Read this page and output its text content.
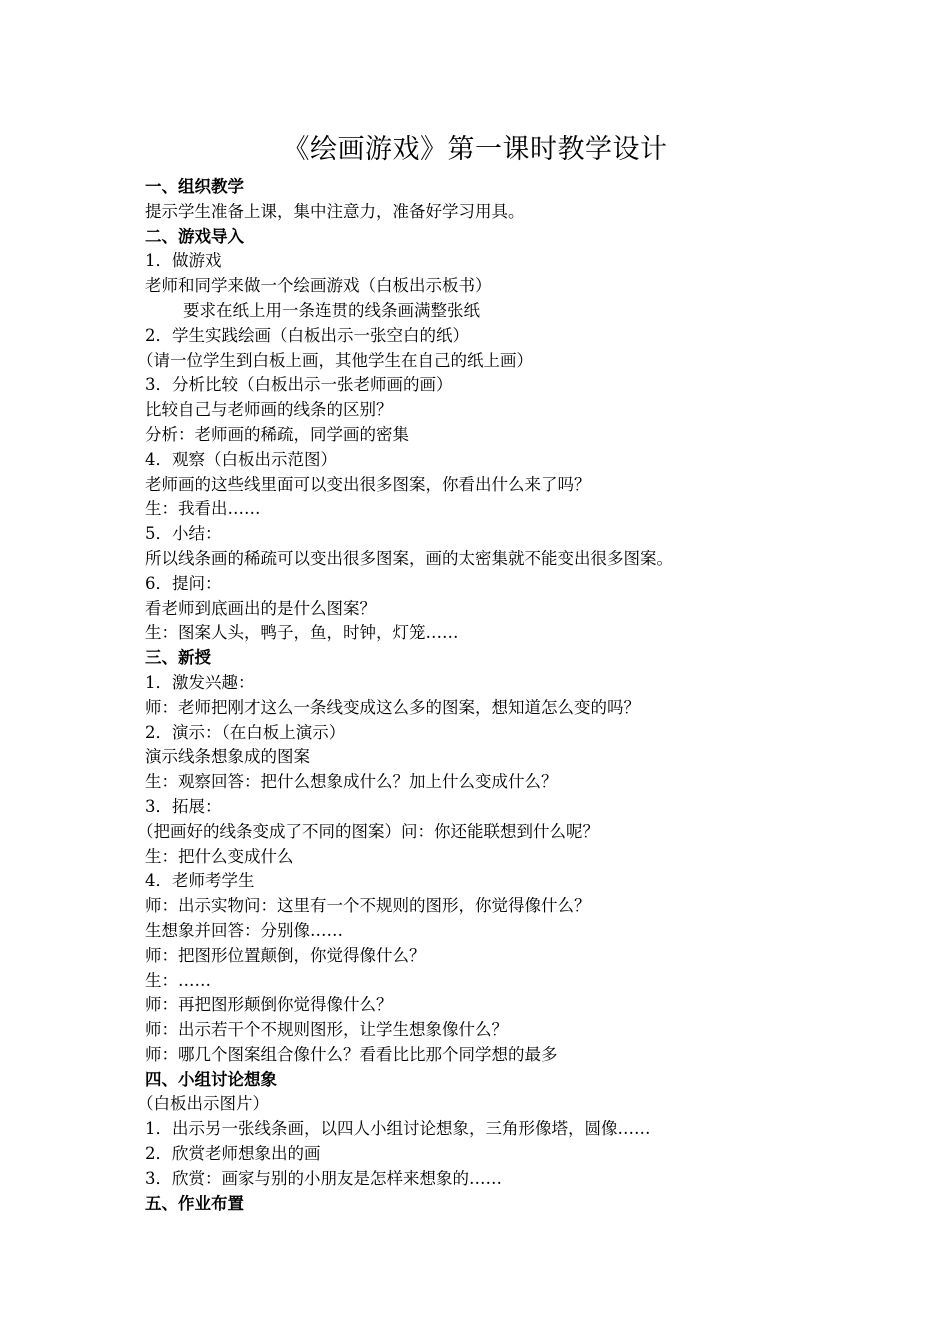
《绘画游戏》第一课时教学设计
一、组织教学
提示学生准备上课，集中注意力，准备好学习用具。
二、游戏导入
1．做游戏
老师和同学来做一个绘画游戏（白板出示板书）
要求在纸上用一条连贯的线条画满整张纸
2．学生实践绘画（白板出示一张空白的纸）
（请一位学生到白板上画，其他学生在自己的纸上画）
3．分析比较（白板出示一张老师画的画）
比较自己与老师画的线条的区别？
分析：老师画的稀疏，同学画的密集
4．观察（白板出示范图）
老师画的这些线里面可以变出很多图案，你看出什么来了吗？
生：我看出……
5．小结：
所以线条画的稀疏可以变出很多图案，画的太密集就不能变出很多图案。
6．提问：
看老师到底画出的是什么图案？
生：图案人头，鸭子，鱼，时钟，灯笼……
三、新授
1．激发兴趣：
师：老师把刚才这么一条线变成这么多的图案，想知道怎么变的吗？
2．演示：（在白板上演示）
演示线条想象成的图案
生：观察回答：把什么想象成什么？加上什么变成什么？
3．拓展：
（把画好的线条变成了不同的图案）问：你还能联想到什么呢？
生：把什么变成什么
4．老师考学生
师：出示实物问：这里有一个不规则的图形，你觉得像什么？
生想象并回答：分别像……
师：把图形位置颠倒，你觉得像什么？
生：……
师：再把图形颠倒你觉得像什么？
师：出示若干个不规则图形，让学生想象像什么？
师：哪几个图案组合像什么？看看比比那个同学想的最多
四、小组讨论想象
（白板出示图片）
1．出示另一张线条画，以四人小组讨论想象，三角形像塔，圆像……
2．欣赏老师想象出的画
3．欣赏：画家与别的小朋友是怎样来想象的……
五、作业布置
